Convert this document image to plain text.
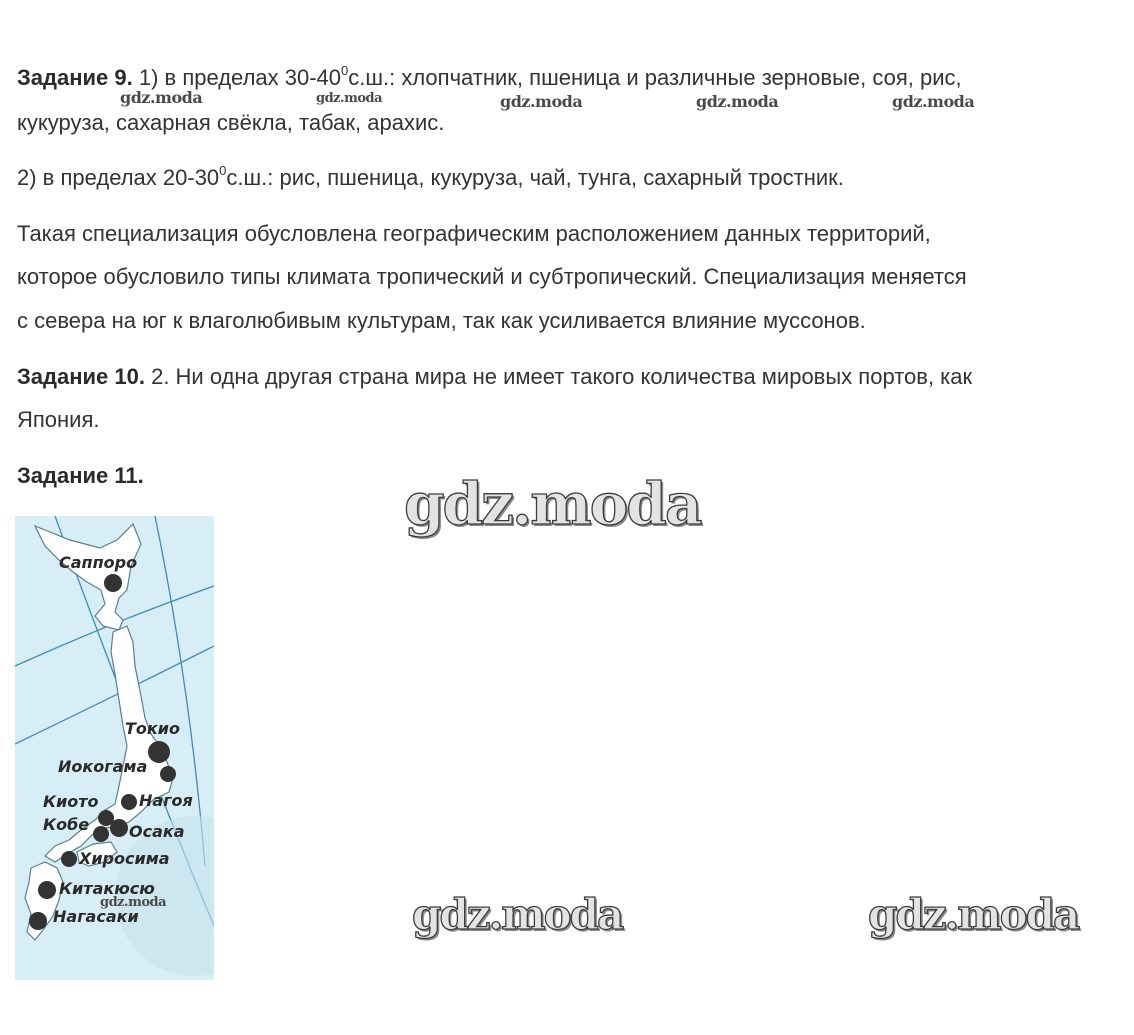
Задание 9. 1) в пределах $30-40^0с.ш$.: хлопчатник, пшеница и различные зерновые, соя, рис,

кукуруза, сахарная свёкла, табак, арахис.

2) в пределах $20-30^0с.ш$.: рис, пшеница, кукуруза, чай, тунга, сахарный тростник.

Такая специализация обусловлена географическим расположением данных территорий,

которое обусловило типы климата тропический и субтропический. Специализация меняется

с севера на юг к влаголюбивым культурам, так как усиливается влияние муссонов.

Задание 10. 2. Ни одна другая страна мира не имеет такого количества мировых портов, как

Япония.

Задание 11.

Саппоро
Токио
Иокогама
Киото	Нагоя
Кобе Осака
Хиросима
Китакюсю
Нагасаки
gdz.moda	gdz.moda	gdz.moda	gdz.moda	gdz.moda
gdz.moda
gdz.moda
gdz.moda	gdz.moda
